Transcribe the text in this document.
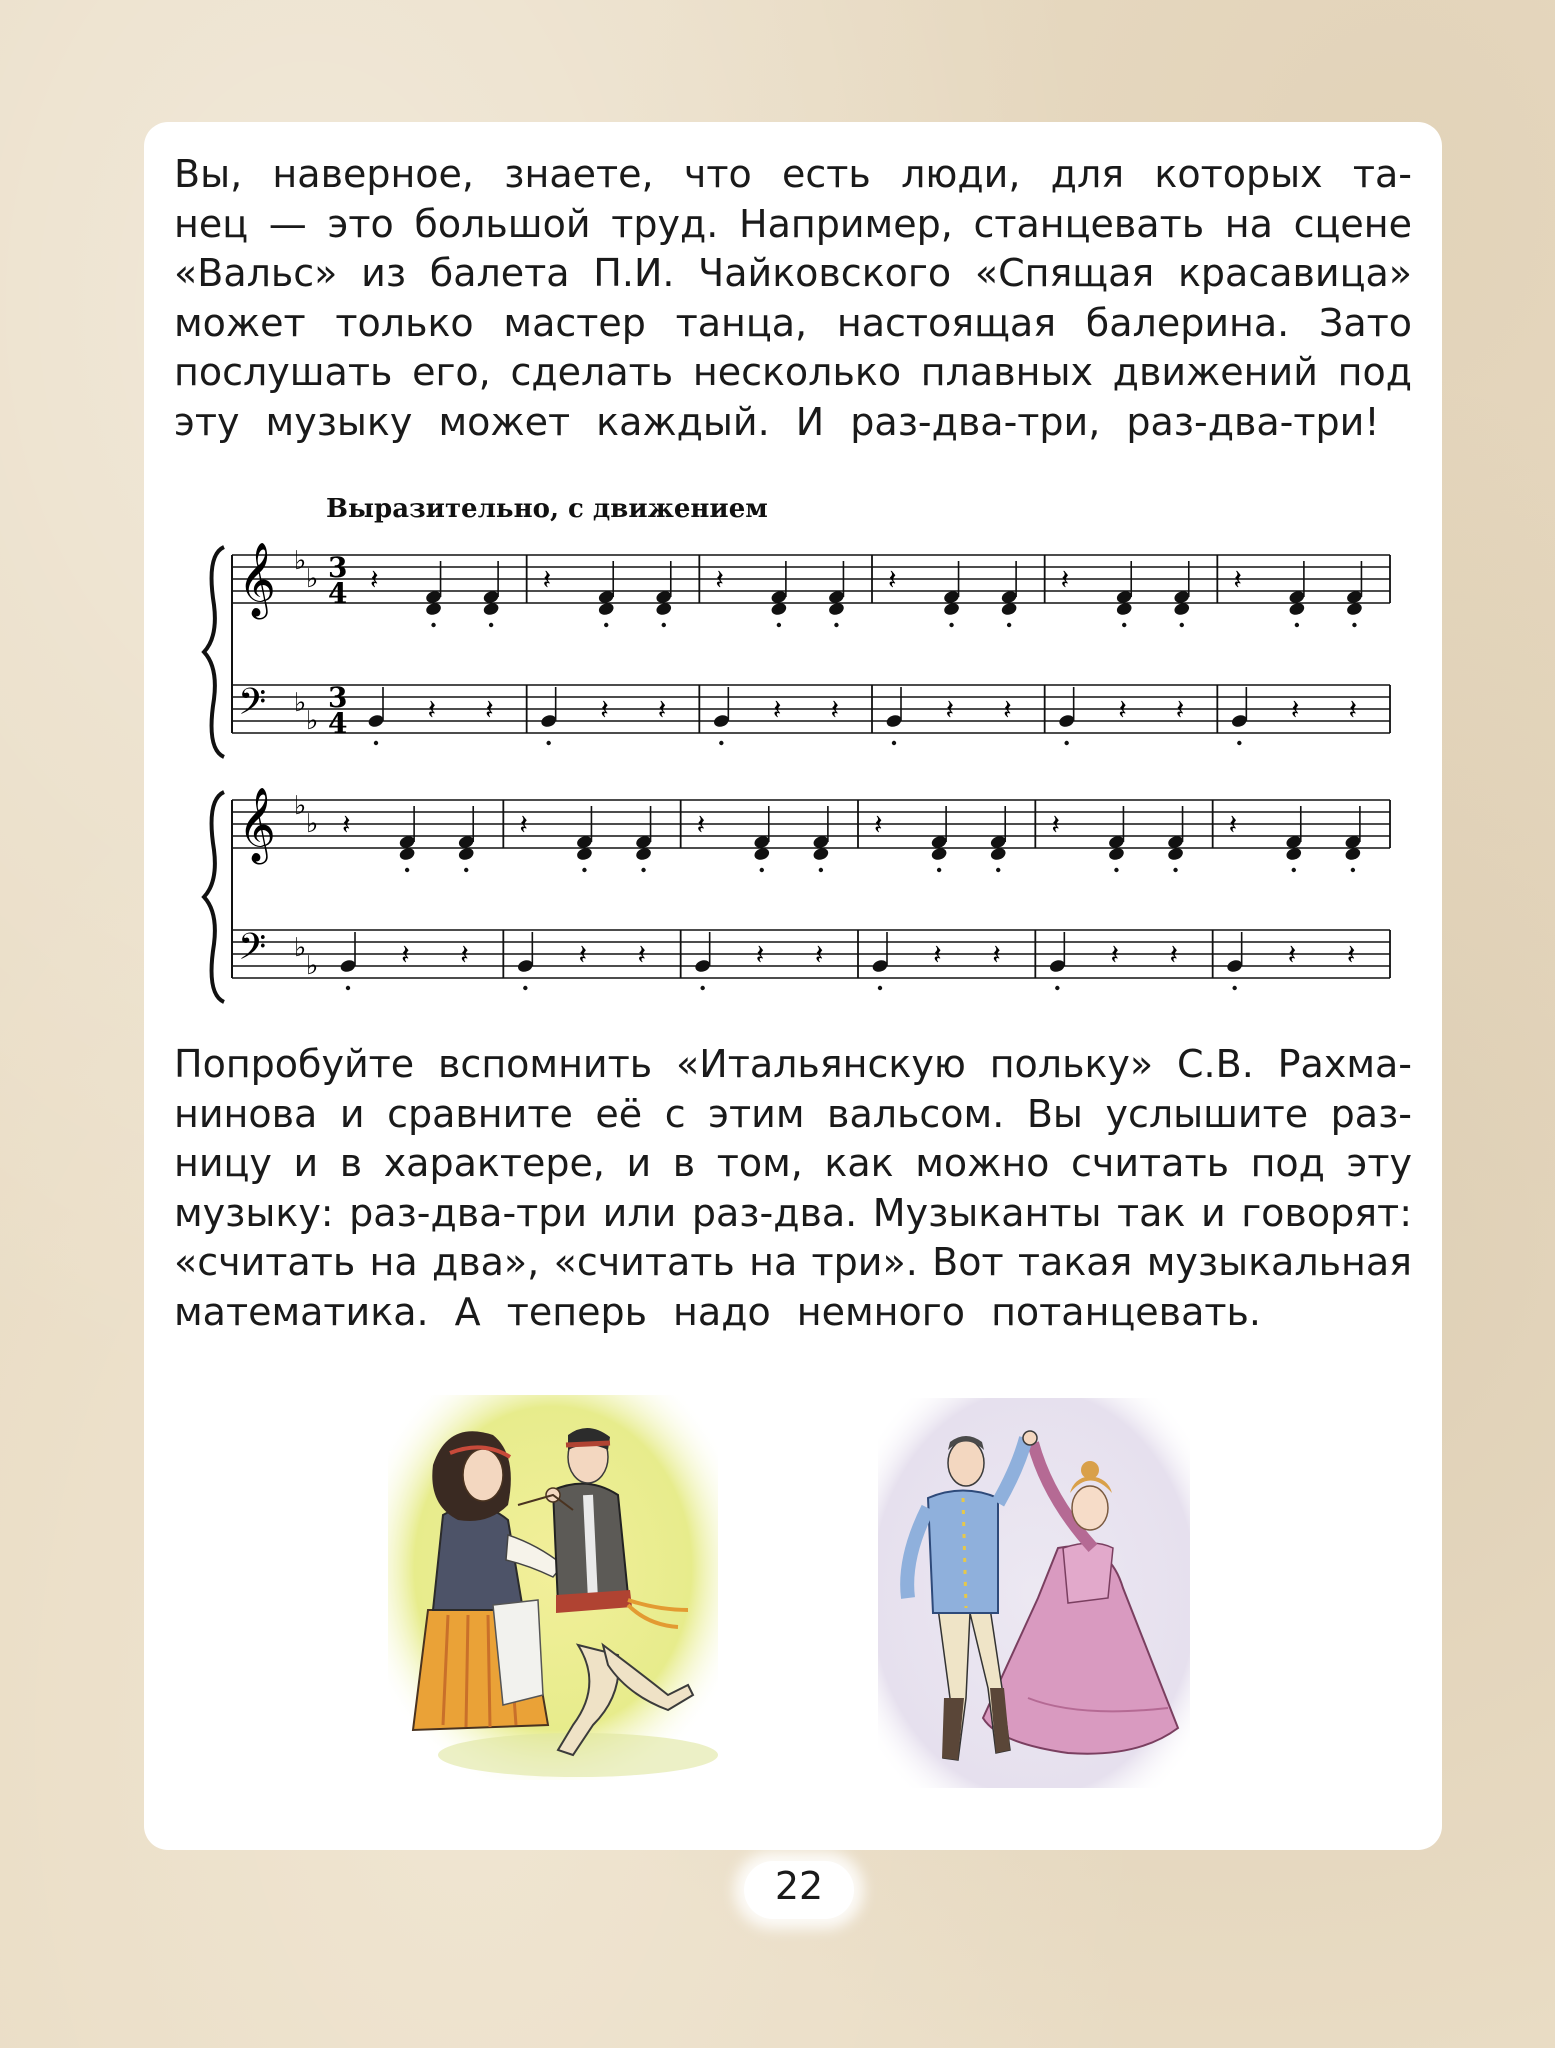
Вы, наверное, знаете, что есть люди, для которых та-
нец — это большой труд. Например, станцевать на сцене
«Вальс» из балета П.И. Чайковского «Спящая красавица»
может только мастер танца, настоящая балерина. Зато
послушать его, сделать несколько плавных движений под
эту музыку может каждый. И раз-два-три, раз-два-три!

Выразительно, с движением

𝄞
𝄢
♭
♭
♭
♭
3
4
3
4
𝄽
𝄽 𝄽
𝄽
𝄽 𝄽
𝄽
𝄽 𝄽
𝄽
𝄽 𝄽
𝄽
𝄽 𝄽
𝄽
𝄽 𝄽
𝄞
𝄢
♭
♭
♭
♭
𝄽
𝄽 𝄽
𝄽
𝄽 𝄽
𝄽
𝄽 𝄽
𝄽
𝄽 𝄽
𝄽
𝄽 𝄽
𝄽
𝄽 𝄽

Попробуйте вспомнить «Итальянскую польку» С.В. Рахма-
нинова и сравните её с этим вальсом. Вы услышите раз-
ницу и в характере, и в том, как можно считать под эту
музыку: раз-два-три или раз-два. Музыканты так и говорят:
«считать на два», «считать на три». Вот такая музыкальная
математика. А теперь надо немного потанцевать.

22
